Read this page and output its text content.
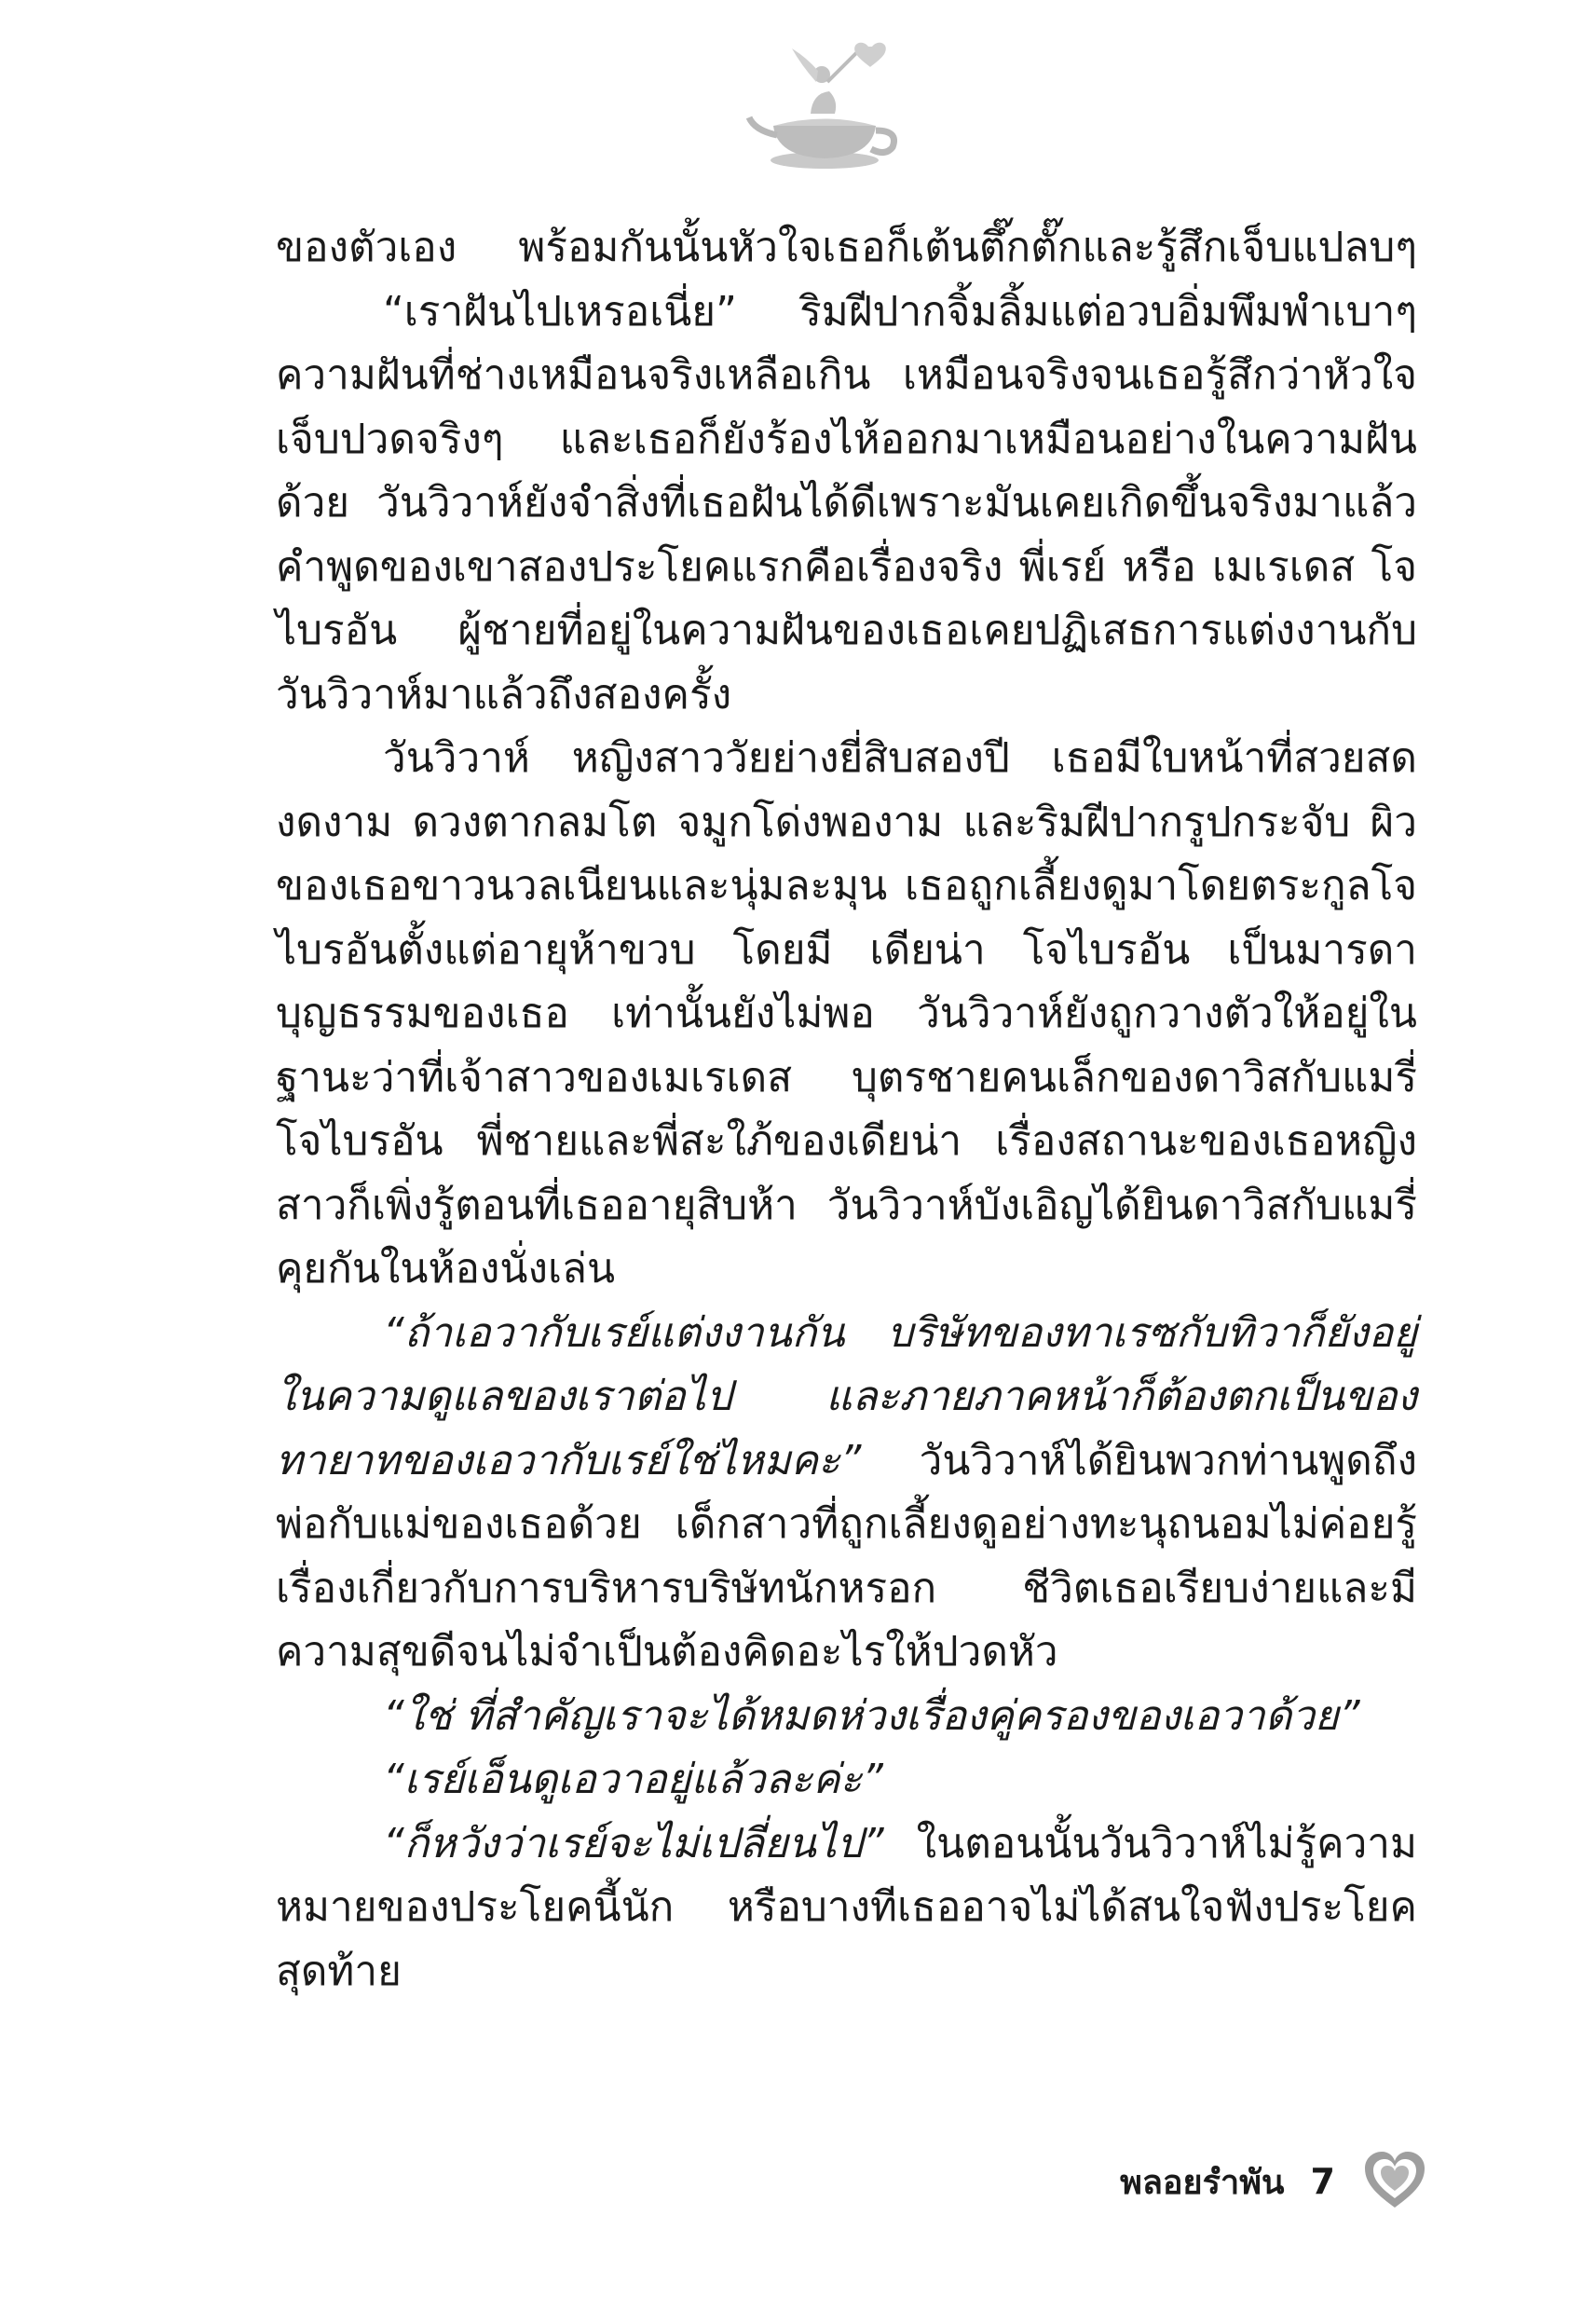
ของตัวเอง พร้อมกันนั้นหัวใจเธอก็เต้นตึ๊กตั๊กและรู้สึกเจ็บแปลบๆ

“เราฝันไปเหรอเนี่ย” ริมฝีปากจิ้มลิ้มแต่อวบอิ่มพึมพำเบาๆ ความฝันที่ช่างเหมือนจริงเหลือเกิน เหมือนจริงจนเธอรู้สึกว่าหัวใจเจ็บปวดจริงๆ และเธอก็ยังร้องไห้ออกมาเหมือนอย่างในความฝันด้วย วันวิวาห์ยังจำสิ่งที่เธอฝันได้ดีเพราะมันเคยเกิดขึ้นจริงมาแล้ว คำพูดของเขาสองประโยคแรกคือเรื่องจริง พี่เรย์ หรือ เมเรเดส โจไบรอัน ผู้ชายที่อยู่ในความฝันของเธอเคยปฏิเสธการแต่งงานกับวันวิวาห์มาแล้วถึงสองครั้ง

วันวิวาห์ หญิงสาววัยย่างยี่สิบสองปี เธอมีใบหน้าที่สวยสดงดงาม ดวงตากลมโต จมูกโด่งพองาม และริมฝีปากรูปกระจับ ผิวของเธอขาวนวลเนียนและนุ่มละมุน เธอถูกเลี้ยงดูมาโดยตระกูลโจไบรอันตั้งแต่อายุห้าขวบ โดยมี เดียน่า โจไบรอัน เป็นมารดาบุญธรรมของเธอ เท่านั้นยังไม่พอ วันวิวาห์ยังถูกวางตัวให้อยู่ในฐานะว่าที่เจ้าสาวของเมเรเดส บุตรชายคนเล็กของดาวิสกับแมรี่ โจไบรอัน พี่ชายและพี่สะใภ้ของเดียน่า เรื่องสถานะของเธอหญิงสาวก็เพิ่งรู้ตอนที่เธออายุสิบห้า วันวิวาห์บังเอิญได้ยินดาวิสกับแมรี่คุยกันในห้องนั่งเล่น

“ถ้าเอวากับเรย์แต่งงานกัน บริษัทของทาเรซกับทิวาก็ยังอยู่ในความดูแลของเราต่อไป และภายภาคหน้าก็ต้องตกเป็นของทายาทของเอวากับเรย์ใช่ไหมคะ” วันวิวาห์ได้ยินพวกท่านพูดถึงพ่อกับแม่ของเธอด้วย เด็กสาวที่ถูกเลี้ยงดูอย่างทะนุถนอมไม่ค่อยรู้เรื่องเกี่ยวกับการบริหารบริษัทนักหรอก ชีวิตเธอเรียบง่ายและมีความสุขดีจนไม่จำเป็นต้องคิดอะไรให้ปวดหัว

“ใช่ ที่สำคัญเราจะได้หมดห่วงเรื่องคู่ครองของเอวาด้วย”

“เรย์เอ็นดูเอวาอยู่แล้วละค่ะ”

“ก็หวังว่าเรย์จะไม่เปลี่ยนไป” ในตอนนั้นวันวิวาห์ไม่รู้ความหมายของประโยคนี้นัก หรือบางทีเธออาจไม่ได้สนใจฟังประโยคสุดท้าย

พลอยรำพัน 7
